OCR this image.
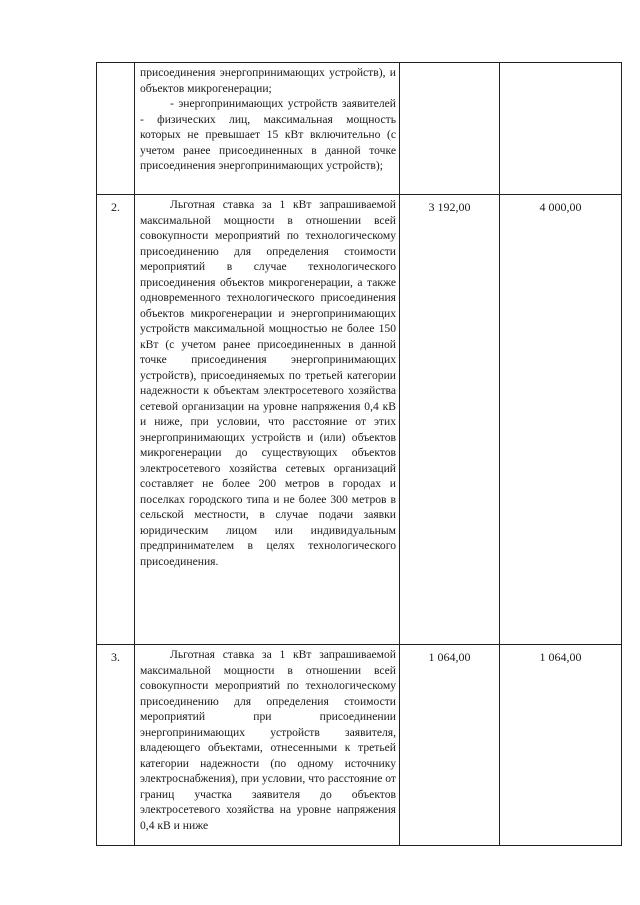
	присоединения энергопринимающих устройств), и объектов микрогенерации;

- энергопринимающих устройств заявителей - физических лиц, максимальная мощность которых не превышает 15 кВт включительно (с учетом ранее присоединенных в данной точке присоединения энергопринимающих устройств);		

2.	Льготная ставка за 1 кВт запрашиваемой максимальной мощности в отношении всей совокупности мероприятий по технологическому присоединению для определения стоимости мероприятий в случае технологического присоединения объектов микрогенерации, а также одновременного технологического присоединения объектов микрогенерации и энергопринимающих устройств максимальной мощностью не более 150 кВт (с учетом ранее присоединенных в данной точке присоединения энергопринимающих устройств), присоединяемых по третьей категории надежности к объектам электросетевого хозяйства сетевой организации на уровне напряжения 0,4 кВ и ниже, при условии, что расстояние от этих энергопринимающих устройств и (или) объектов микрогенерации до существующих объектов электросетевого хозяйства сетевых организаций составляет не более 200 метров в городах и поселках городского типа и не более 300 метров в сельской местности, в случае подачи заявки юридическим лицом или индивидуальным предпринимателем в целях технологического присоединения.	3 192,00	4 000,00
3.	Льготная ставка за 1 кВт запрашиваемой максимальной мощности в отношении всей совокупности мероприятий по технологическому присоединению для определения стоимости мероприятий при присоединении энергопринимающих устройств заявителя, владеющего объектами, отнесенными к третьей категории надежности (по одному источнику электроснабжения), при условии, что расстояние от границ участка заявителя до объектов электросетевого хозяйства на уровне напряжения 0,4 кВ и ниже	1 064,00	1 064,00
